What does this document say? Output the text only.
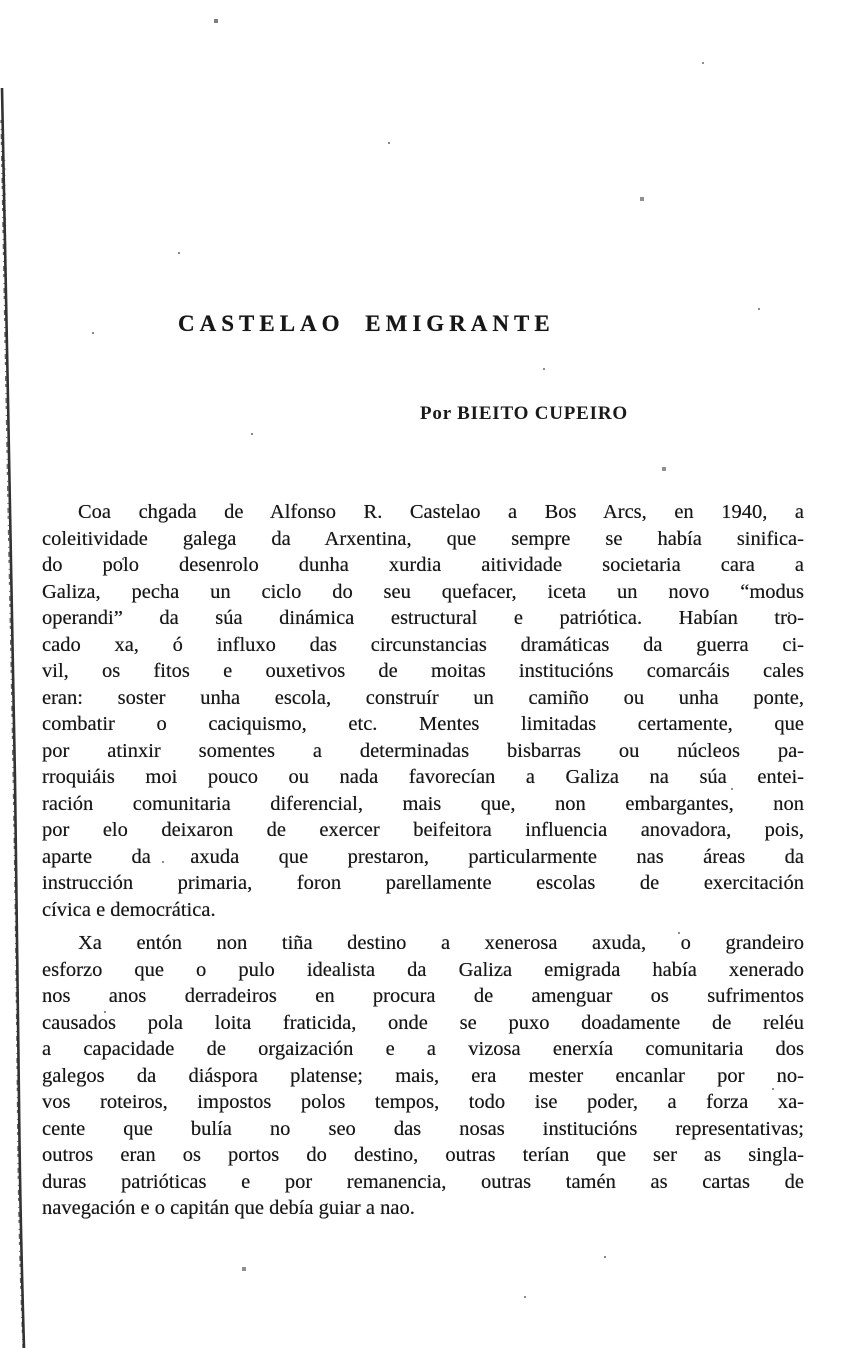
CASTELAO EMIGRANTE
Por BIEITO CUPEIRO
Coa chgada de Alfonso R. Castelao a Bos Arcs, en 1940, a
coleitividade galega da Arxentina, que sempre se había sinifica-
do polo desenrolo dunha xurdia aitividade societaria cara a
Galiza, pecha un ciclo do seu quefacer, iceta un novo “modus
operandi” da súa dinámica estructural e patriótica. Habían tro-
cado xa, ó influxo das circunstancias dramáticas da guerra ci-
vil, os fitos e ouxetivos de moitas institucións comarcáis cales
eran: soster unha escola, construír un camiño ou unha ponte,
combatir o caciquismo, etc. Mentes limitadas certamente, que
por atinxir somentes a determinadas bisbarras ou núcleos pa-
rroquiáis moi pouco ou nada favorecían a Galiza na súa entei-
ración comunitaria diferencial, mais que, non embargantes, non
por elo deixaron de exercer beifeitora influencia anovadora, pois,
aparte da axuda que prestaron, particularmente nas áreas da
instrucción primaria, foron parellamente escolas de exercitación
cívica e democrática.
Xa entón non tiña destino a xenerosa axuda, o grandeiro
esforzo que o pulo idealista da Galiza emigrada había xenerado
nos anos derradeiros en procura de amenguar os sufrimentos
causados pola loita fraticida, onde se puxo doadamente de reléu
a capacidade de orgaización e a vizosa enerxía comunitaria dos
galegos da diáspora platense; mais, era mester encanlar por no-
vos roteiros, impostos polos tempos, todo ise poder, a forza xa-
cente que bulía no seo das nosas institucións representativas;
outros eran os portos do destino, outras terían que ser as singla-
duras patrióticas e por remanencia, outras tamén as cartas de
navegación e o capitán que debía guiar a nao.
